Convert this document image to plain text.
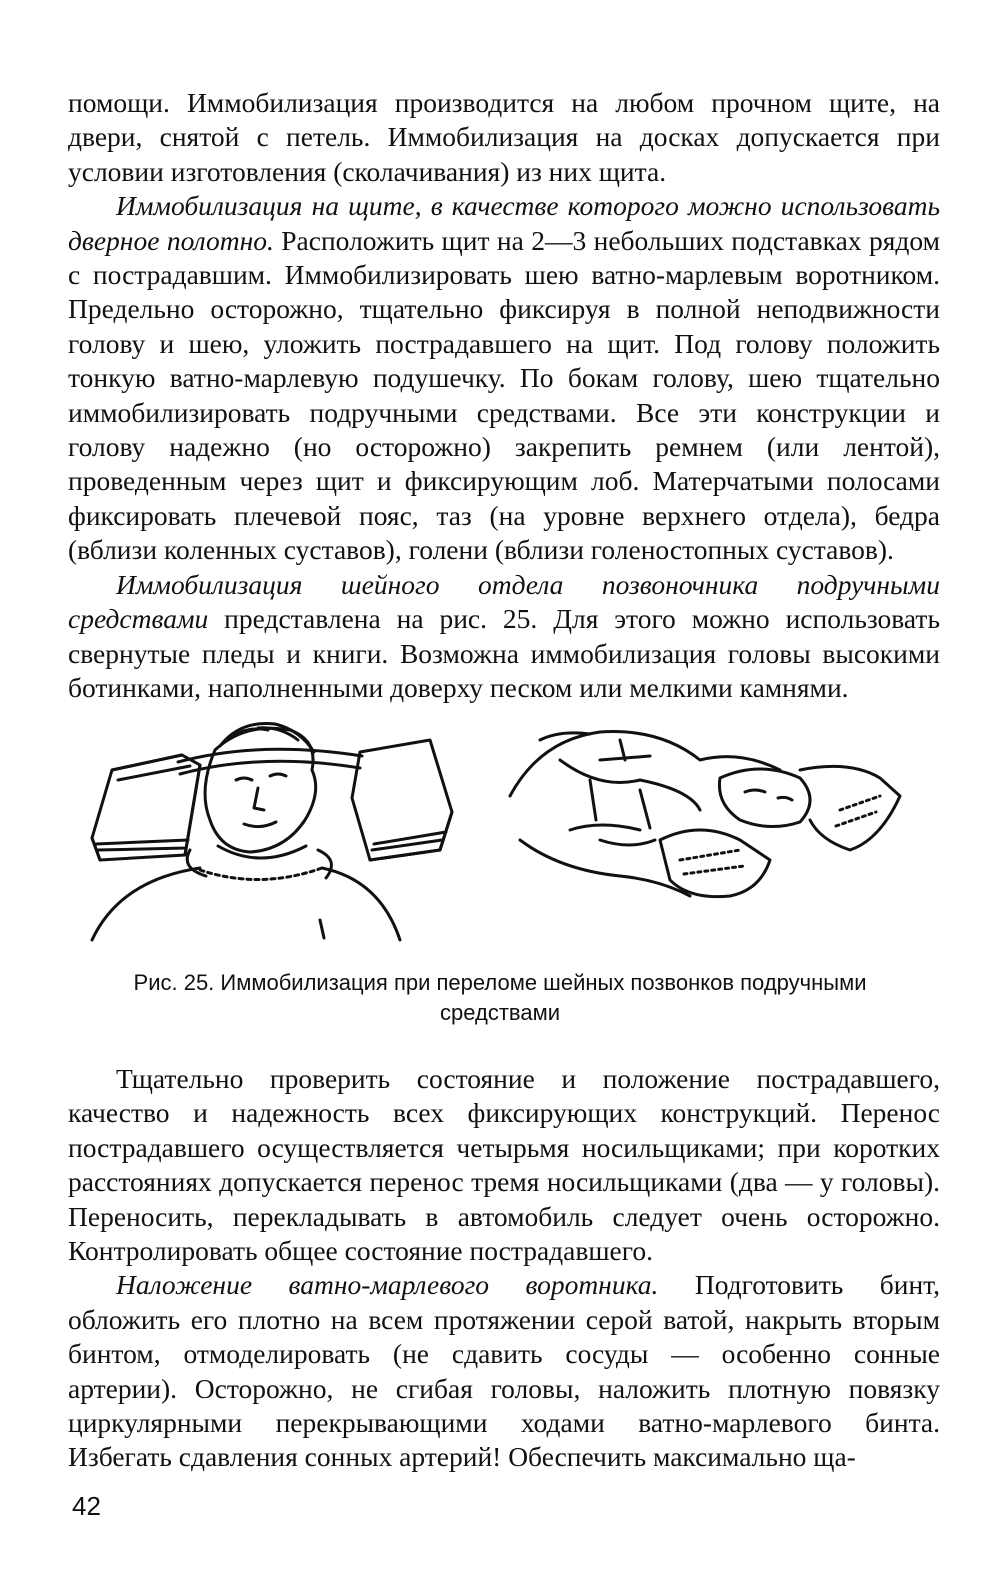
помощи. Иммобилизация производится на любом прочном щите, на двери, снятой с петель. Иммобилизация на досках допускается при условии изготовления (сколачивания) из них щита.

Иммобилизация на щите, в качестве которого можно использовать дверное полотно. Расположить щит на 2—3 небольших подставках рядом с пострадавшим. Иммобилизировать шею ватно-марлевым воротником. Предельно осторожно, тщательно фиксируя в полной неподвижности голову и шею, уложить пострадавшего на щит. Под голову положить тонкую ватно-марлевую подушечку. По бокам голову, шею тщательно иммобилизировать подручными средствами. Все эти конструкции и голову надежно (но осторожно) закрепить ремнем (или лентой), проведенным через щит и фиксирующим лоб. Матерчатыми полосами фиксировать плечевой пояс, таз (на уровне верхнего отдела), бедра (вблизи коленных суставов), голени (вблизи голеностопных суставов).

Иммобилизация шейного отдела позвоночника подручными средствами представлена на рис. 25. Для этого можно использовать свернутые пледы и книги. Возможна иммобилизация головы высокими ботинками, наполненными доверху песком или мелкими камнями.

Рис. 25. Иммобилизация при переломе шейных позвонков подручными средствами

Тщательно проверить состояние и положение пострадавшего, качество и надежность всех фиксирующих конструкций. Перенос пострадавшего осуществляется четырьмя носильщиками; при коротких расстояниях допускается перенос тремя носильщиками (два — у головы). Переносить, перекладывать в автомобиль следует очень осторожно. Контролировать общее состояние пострадавшего.

Наложение ватно-марлевого воротника. Подготовить бинт, обложить его плотно на всем протяжении серой ватой, накрыть вторым бинтом, отмоделировать (не сдавить сосуды — особенно сонные артерии). Осторожно, не сгибая головы, наложить плотную повязку циркулярными перекрывающими ходами ватно-марлевого бинта. Избегать сдавления сонных артерий! Обеспечить максимально ща-

42
